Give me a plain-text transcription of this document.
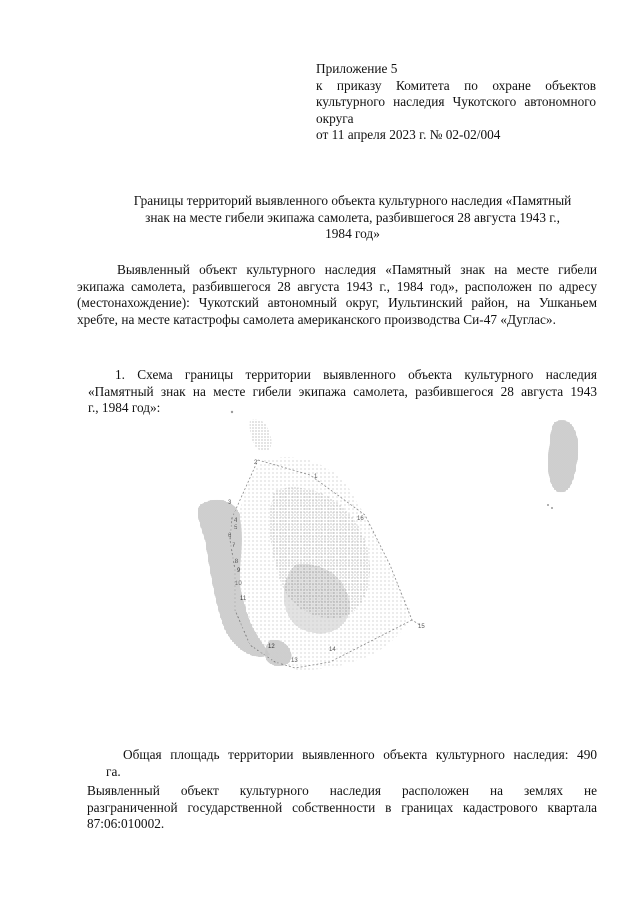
Приложение 5
к приказу Комитета по охране объектов
культурного наследия Чукотского автономного
округа
от 11 апреля 2023 г. № 02-02/004
Границы территорий выявленного объекта культурного наследия «Памятный
знак на месте гибели экипажа самолета, разбившегося 28 августа 1943 г.,
1984 год»
Выявленный объект культурного наследия «Памятный знак на месте гибели
экипажа самолета, разбившегося 28 августа 1943 г., 1984 год», расположен по адресу
(местонахождение): Чукотский автономный округ, Иультинский район, на Ушканьем
хребте, на месте катастрофы самолета американского производства Си-47 «Дуглас».
1. Схема границы территории выявленного объекта культурного наследия
«Памятный знак на месте гибели экипажа самолета, разбившегося 28 августа 1943
г., 1984 год»:
1
2
3
4
5
6
7
8
9
10
11
12
13
14
15
16
Общая площадь территории выявленного объекта культурного наследия: 490
га.
Выявленный объект культурного наследия расположен на землях не
разграниченной государственной собственности в границах кадастрового квартала
87:06:010002.
